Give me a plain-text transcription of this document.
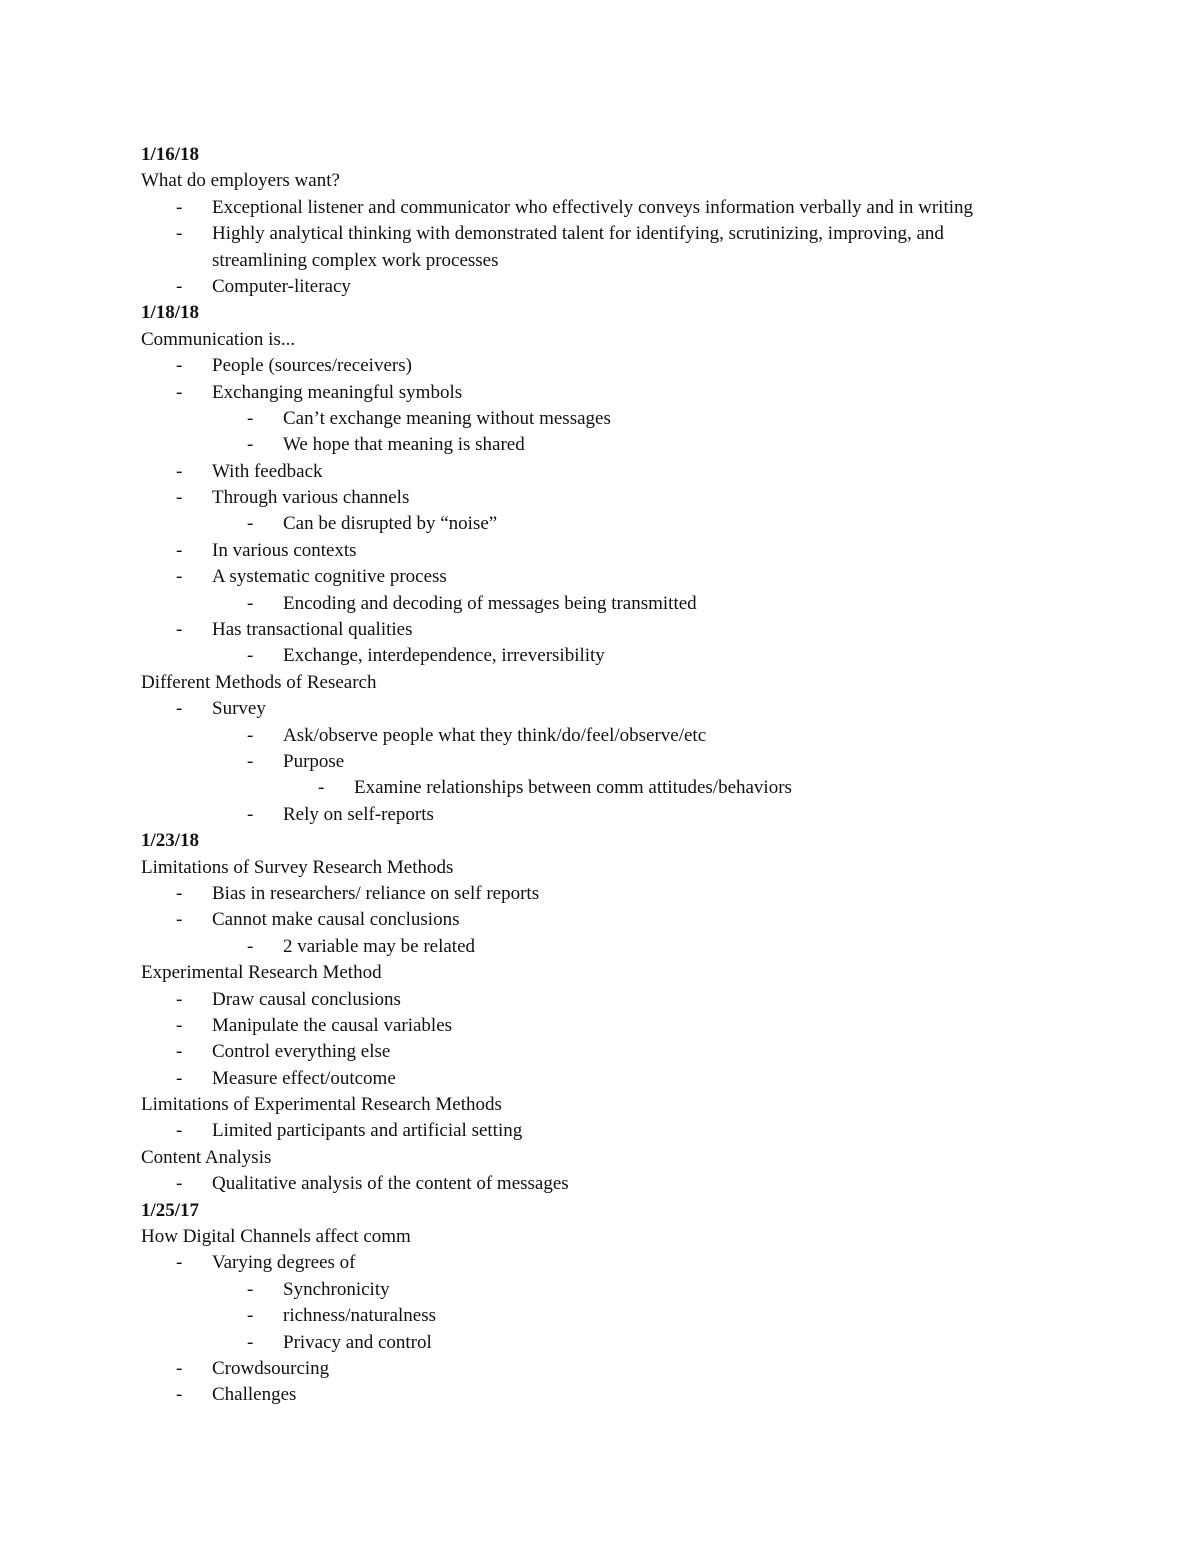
1/16/18
What do employers want?
- Exceptional listener and communicator who effectively conveys information verbally and in writing
- Highly analytical thinking with demonstrated talent for identifying, scrutinizing, improving, and
streamlining complex work processes
- Computer-literacy
1/18/18
Communication is...
- People (sources/receivers)
- Exchanging meaningful symbols
- Can’t exchange meaning without messages
- We hope that meaning is shared
- With feedback
- Through various channels
- Can be disrupted by “noise”
- In various contexts
- A systematic cognitive process
- Encoding and decoding of messages being transmitted
- Has transactional qualities
- Exchange, interdependence, irreversibility
Different Methods of Research
- Survey
- Ask/observe people what they think/do/feel/observe/etc
- Purpose
- Examine relationships between comm attitudes/behaviors
- Rely on self-reports
1/23/18
Limitations of Survey Research Methods
- Bias in researchers/ reliance on self reports
- Cannot make causal conclusions
- 2 variable may be related
Experimental Research Method
- Draw causal conclusions
- Manipulate the causal variables
- Control everything else
- Measure effect/outcome
Limitations of Experimental Research Methods
- Limited participants and artificial setting
Content Analysis
- Qualitative analysis of the content of messages
1/25/17
How Digital Channels affect comm
- Varying degrees of
- Synchronicity
- richness/naturalness
- Privacy and control
- Crowdsourcing
- Challenges
